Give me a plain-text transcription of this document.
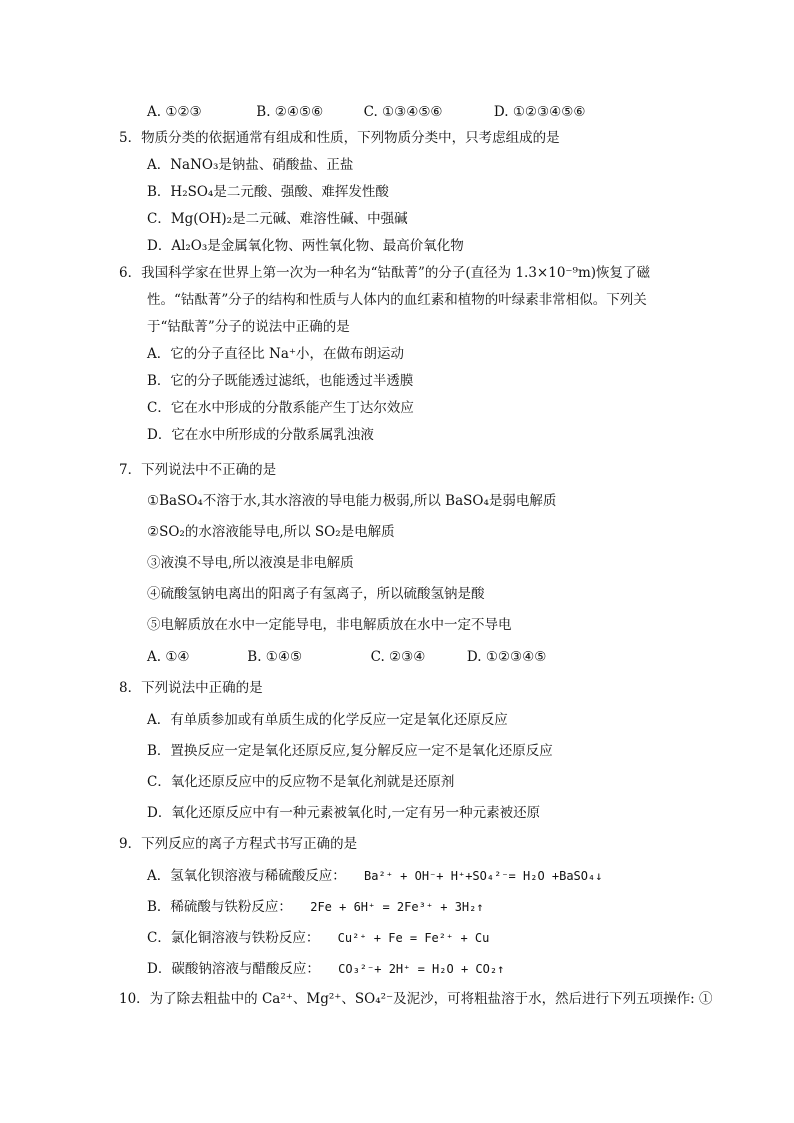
A. ①②③	B. ②④⑤⑥	C. ①③④⑤⑥	D. ①②③④⑤⑥
5．物质分类的依据通常有组成和性质，下列物质分类中，只考虑组成的是
A．NaNO₃是钠盐、硝酸盐、正盐
B．H₂SO₄是二元酸、强酸、难挥发性酸
C．Mg(OH)₂是二元碱、难溶性碱、中强碱
D．Al₂O₃是金属氧化物、两性氧化物、最高价氧化物
6．我国科学家在世界上第一次为一种名为“钴酞菁”的分子(直径为 1.3×10⁻⁹m)恢复了磁
性。“钴酞菁”分子的结构和性质与人体内的血红素和植物的叶绿素非常相似。下列关
于“钴酞菁”分子的说法中正确的是
A．它的分子直径比 Na⁺小，在做布朗运动
B．它的分子既能透过滤纸，也能透过半透膜
C．它在水中形成的分散系能产生丁达尔效应
D．它在水中所形成的分散系属乳浊液
7．下列说法中不正确的是
①BaSO₄不溶于水,其水溶液的导电能力极弱,所以 BaSO₄是弱电解质
②SO₂的水溶液能导电,所以 SO₂是电解质
③液溴不导电,所以液溴是非电解质
④硫酸氢钠电离出的阳离子有氢离子，所以硫酸氢钠是酸
⑤电解质放在水中一定能导电，非电解质放在水中一定不导电
A. ①④	B. ①④⑤	C. ②③④	D. ①②③④⑤
8．下列说法中正确的是
A．有单质参加或有单质生成的化学反应一定是氧化还原反应
B．置换反应一定是氧化还原反应,复分解反应一定不是氧化还原反应
C．氧化还原反应中的反应物不是氧化剂就是还原剂
D．氧化还原反应中有一种元素被氧化时,一定有另一种元素被还原
9．下列反应的离子方程式书写正确的是
A．氢氧化钡溶液与稀硫酸反应： Ba²⁺ + OH⁻+ H⁺+SO₄²⁻= H₂O +BaSO₄↓
B．稀硫酸与铁粉反应： 2Fe + 6H⁺ = 2Fe³⁺ + 3H₂↑
C．氯化铜溶液与铁粉反应： Cu²⁺ + Fe = Fe²⁺ + Cu
D．碳酸钠溶液与醋酸反应： CO₃²⁻+ 2H⁺ = H₂O + CO₂↑
10．为了除去粗盐中的 Ca²⁺、Mg²⁺、SO₄²⁻及泥沙，可将粗盐溶于水，然后进行下列五项操作: ①
